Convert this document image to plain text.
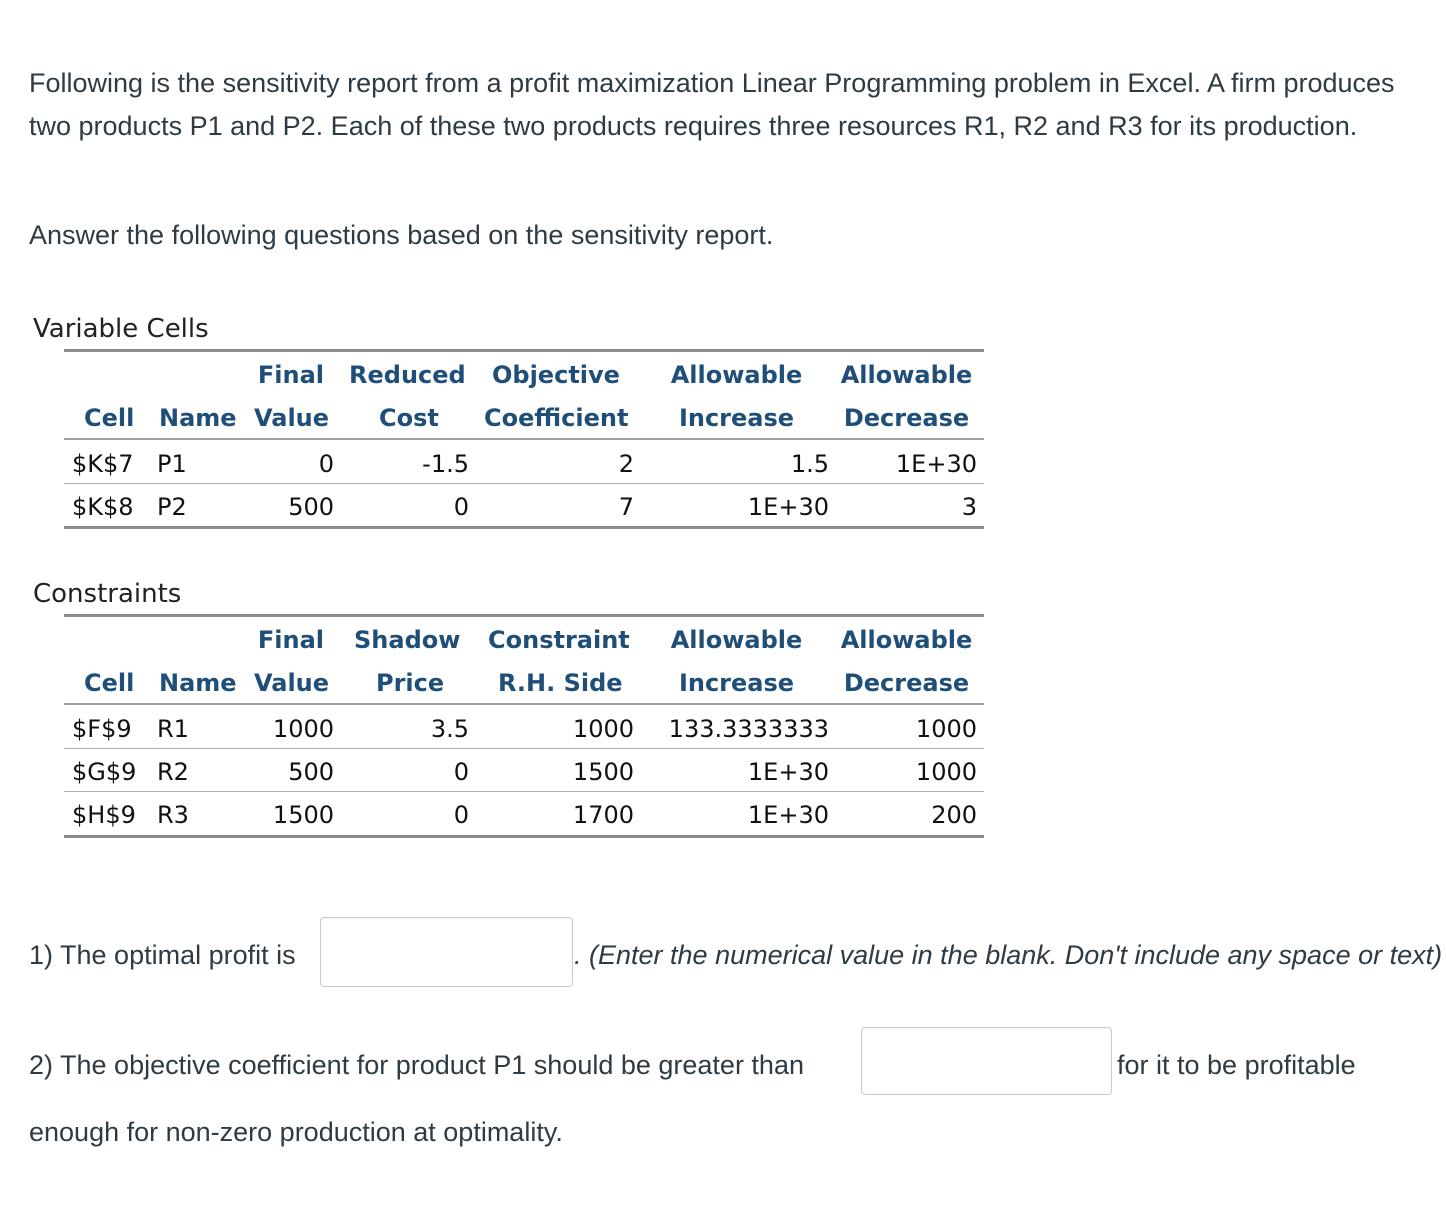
Following is the sensitivity report from a profit maximization Linear Programming problem in Excel. A firm produces two products P1 and P2. Each of these two products requires three resources R1, R2 and R3 for its production.

Answer the following questions based on the sensitivity report.

Variable Cells
Final Reduced Objective Allowable Allowable
Cell Name Value Cost Coefficient	Increase	Decrease
$K$7 P1	0	-1.5	2	1.5	1E+30
$K$8 P2	500	0	7	1E+30	3
Constraints
Final Shadow Constraint Allowable Allowable
Cell Name Value Price R.H. Side	Increase	Decrease
$F$9 R1	1000	3.5	1000	133.3333333	1000
$G$9 R2	500	0	1500	1E+30	1000
$H$9 R3	1500	0	1700	1E+30	200
1) The optimal profit is	. (Enter the numerical value in the blank. Don't include any space or text)
2) The objective coefficient for product P1 should be greater than	for it to be profitable
enough for non-zero production at optimality.
